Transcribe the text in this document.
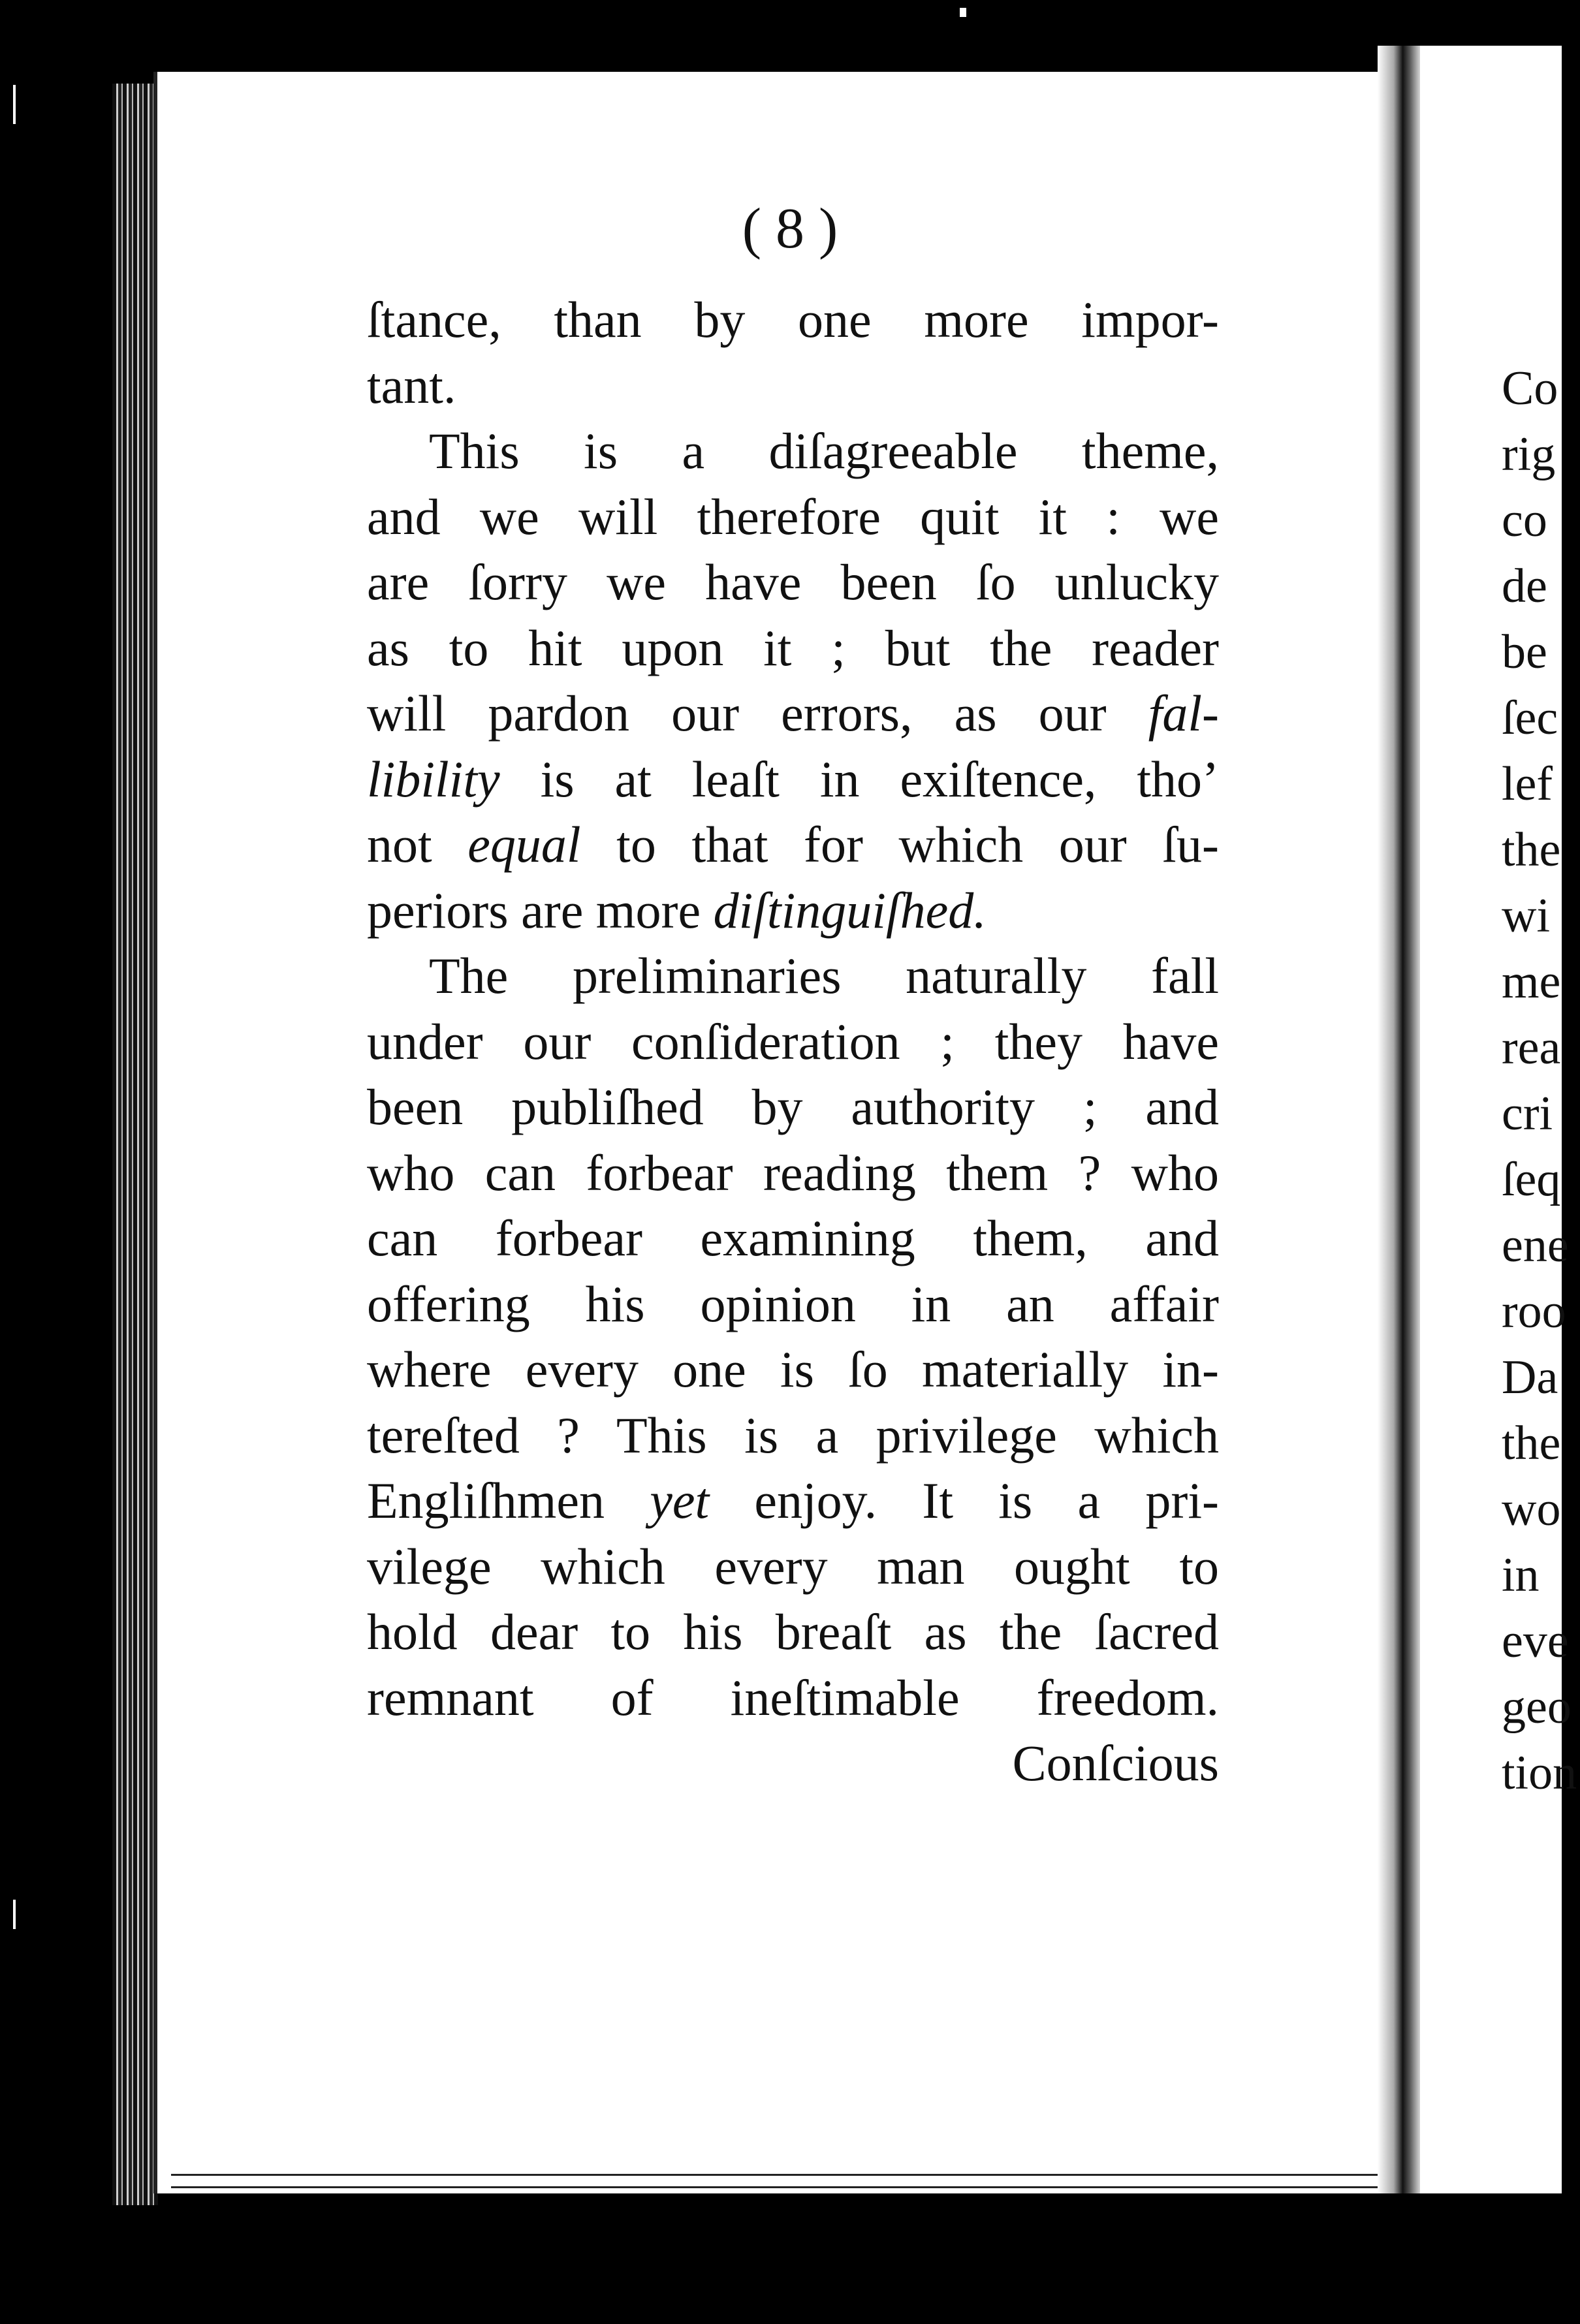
( 8 )
ſtance, than by one more impor-
tant.
This is a diſagreeable theme,
and we will therefore quit it : we
are ſorry we have been ſo unlucky
as to hit upon it ; but the reader
will pardon our errors, as our fal-
libility is at leaſt in exiſtence, tho’
not equal to that for which our ſu-
periors are more diſtinguiſhed.
The preliminaries naturally fall
under our conſideration ; they have
been publiſhed by authority ; and
who can forbear reading them ? who
can forbear examining them, and
offering his opinion in an affair
where every one is ſo materially in-
tereſted ? This is a privilege which
Engliſhmen yet enjoy. It is a pri-
vilege which every man ought to
hold dear to his breaſt as the ſacred
remnant of ineſtimable freedom.
Conſcious
Co
rig
co
de
be
ſec
lef
the
wi
me
rea
cri
ſeq
ene
roo
Da
the
wo
in
eve
geo
tion
